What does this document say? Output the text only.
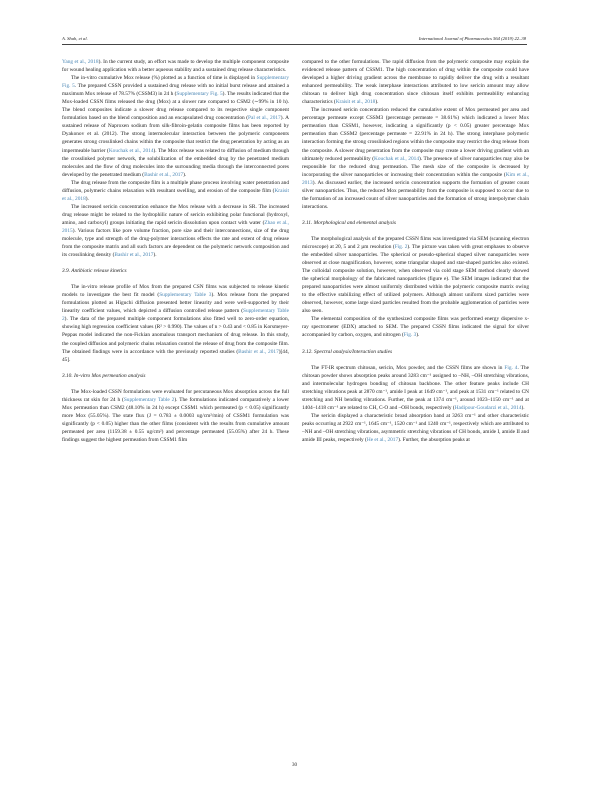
A. Shah, et al.	International Journal of Pharmaceutics 564 (2019) 22–38

Yang et al., 2018). In the current study, an effort was made to develop the multiple component composite for wound healing application with a better aqueous stability and a sustained drug release characteristics.

The in-vitro cumulative Mox release (%) plotted as a function of time is displayed in Supplementary Fig. 5. The prepared CSSN provided a sustained drug release with no initial burst release and attained a maximum Mox release of 78.57% (CSSM3) in 24 h (Supplementary Fig. 5). The results indicated that the Mox-loaded CSSN films released the drug (Mox) at a slower rate compared to CSM2 (∼99% in 10 h). The blend composites indicate a slower drug release compared to its respective single component formulation based on the blend composition and an encapsulated drug concentration (Pal et al., 2017). A sustained release of Naproxen sodium from silk-fibroin-gelatin composite films has been reported by Dyakonov et al. (2012). The strong intermolecular interaction between the polymeric components generates strong crosslinked chains within the composite that restrict the drug penetration by acting as an impermeable barrier (Kouchak et al., 2014). The Mox release was related to diffusion of medium through the crosslinked polymer network, the solubilization of the embedded drug by the penetrated medium molecules and the flow of drug molecules into the surrounding media through the interconnected pores developed by the penetrated medium (Bashir et al., 2017).

The drug release from the composite film is a multiple phase process involving water penetration and diffusion, polymeric chains relaxation with resultant swelling, and erosion of the composite film (Kraisit et al., 2018).

The increased sericin concentration enhance the Mox release with a decrease in SR. The increased drug release might be related to the hydrophilic nature of sericin exhibiting polar functional (hydroxyl, amino, and carboxyl) groups initiating the rapid sericin dissolution upon contact with water (Zhao et al., 2015). Various factors like pore volume fraction, pore size and their interconnections, size of the drug molecule, type and strength of the drug-polymer interactions effects the rate and extent of drug release from the composite matrix and all such factors are dependent on the polymeric network composition and its crosslinking density (Bashir et al., 2017).

3.9. Antibiotic release kinetics

The in-vitro release profile of Mox from the prepared CSN films was subjected to release kinetic models to investigate the best fit model (Supplementary Table 3). Mox release from the prepared formulations plotted as Higuchi diffusion presented better linearity and were well-supported by their linearity coefficient values, which depicted a diffusion controlled release pattern (Supplementary Table 2). The data of the prepared multiple component formulations also fitted well to zero-order equation, showing high regression coefficient values (R² > 0.990). The values of n > 0.43 and < 0.85 in Korsmeyer-Peppas model indicated the non-Fickian anomalous transport mechanism of drug release. In this study, the coupled diffusion and polymeric chains relaxation control the release of drug from the composite film. The obtained findings were in accordance with the previously reported studies (Bashir et al., 2017)[44, 45].

3.10. In-vitro Mox permeation analysis

The Mox-loaded CSSN formulations were evaluated for percutaneous Mox absorption across the full thickness rat skin for 24 h (Supplementary Table 2). The formulations indicated comparatively a lower Mox permeation than CSM2 (48.10% in 24 h) except CSSM1 which permeated (p < 0.05) significantly more Mox (55.05%). The state flux (J = 0.783 ± 0.0003 ug/cm²/min) of CSSM1 formulation was significantly (p < 0.05) higher than the other films (consistent with the results from cumulative amount permeated per area (1159.38 ± 0.55 ug/cm²) and percentage permeated (55.05%) after 24 h. These findings suggest the highest permeation from CSSM1 film

compared to the other formulations. The rapid diffusion from the polymeric composite may explain the evidenced release pattern of CSSM1. The high concentration of drug within the composite could have developed a higher driving gradient across the membrane to rapidly deliver the drug with a resultant enhanced permeability. The weak interphase interactions attributed to low sericin amount may allow chitosan to deliver high drug concentration since chitosan itself exhibits permeability enhancing characteristics (Kraisit et al., 2018).

The increased sericin concentration reduced the cumulative extent of Mox permeated per area and percentage permeate except CSSM3 (percentage permeate = 38.61%) which indicated a lower Mox permeation than CSSM1, however, indicating a significantly (p < 0.05) greater percentage Mox permeation than CSSM2 (percentage permeate = 22.91% in 24 h). The strong interphase polymeric interaction forming the strong crosslinked regions within the composite may restrict the drug release from the composite. A slower drug penetration from the composite may create a lower driving gradient with an ultimately reduced permeability (Kouchak et al., 2014). The presence of silver nanoparticles may also be responsible for the reduced drug permeation. The mesh size of the composite is decreased by incorporating the silver nanoparticles or increasing their concentration within the composite (Kim et al., 2013). As discussed earlier, the increased sericin concentration supports the formation of greater count silver nanoparticles. Thus, the reduced Mox permeability from the composite is supposed to occur due to the formation of an increased count of silver nanoparticles and the formation of strong interpolymer chain interactions.

3.11. Morphological and elemental analysis

The morphological analysis of the prepared CSSN films was investigated via SEM (scanning electron microscope) at 20, 5 and 2 µm resolution (Fig. 2). The picture was taken with great emphases to observe the embedded silver nanoparticles. The spherical or pseudo-spherical shaped silver nanoparticles were observed at close magnification, however, some triangular shaped and star-shaped particles also existed. The colloidal composite solution, however, when observed via cold stage SEM method clearly showed the spherical morphology of the fabricated nanoparticles (figure e). The SEM images indicated that the prepared nanoparticles were almost uniformly distributed within the polymeric composite matrix owing to the effective stabilizing effect of utilized polymers. Although almost uniform sized particles were observed, however, some large sized particles resulted from the probable agglomeration of particles were also seen.

The elemental composition of the synthesized composite films was performed energy dispersive x-ray spectrometer (EDX) attached to SEM. The prepared CSSN films indicated the signal for silver accompanied by carbon, oxygen, and nitrogen (Fig. 3).

3.12. Spectral analysis/Interaction studies

The FT-IR spectrum chitosan, sericin, Mox powder, and the CSSN films are shown in Fig. 4. The chitosan powder shows absorption peaks around 3283 cm⁻¹ assigned to –NH, –OH stretching vibrations, and intermolecular hydrogen bonding of chitosan backbone. The other feature peaks include CH stretching vibrations peak at 2870 cm⁻¹, amide I peak at 1649 cm⁻¹, and peak at 1531 cm⁻¹ related to CN stretching and NH bending vibrations. Further, the peak at 1374 cm⁻¹, around 1023–1150 cm⁻¹ and at 1404–1418 cm⁻¹ are related to CH, C-O and –OH bonds, respectively (Hadipour-Goudarzi et al., 2014).

The sericin displayed a characteristic broad absorption band at 3263 cm⁻¹ and other characteristic peaks occurring at 2922 cm⁻¹, 1645 cm⁻¹, 1520 cm⁻¹ and 1240 cm⁻¹, respectively which are attributed to –NH and –OH stretching vibrations, asymmetric stretching vibrations of CH bonds, amide I, amide II and amide III peaks, respectively (He et al., 2017). Further, the absorption peaks at

30
